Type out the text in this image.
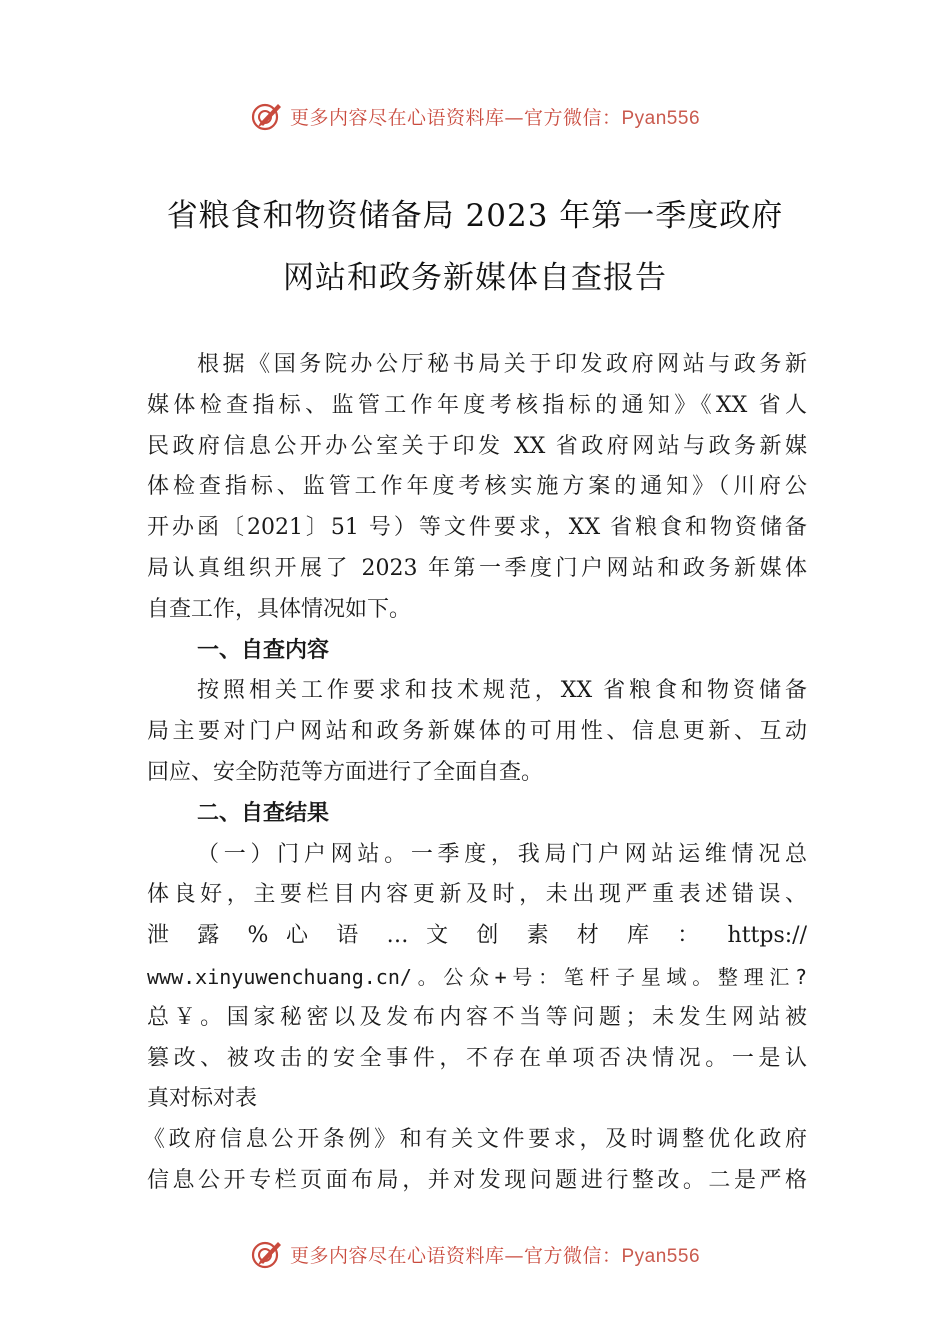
更多内容尽在心语资料库—官方微信：Pyan556
省粮食和物资储备局 2023 年第一季度政府
网站和政务新媒体自查报告
根据《国务院办公厅秘书局关于印发政府网站与政务新
媒体检查指标、监管工作年度考核指标的通知》《XX 省人
民政府信息公开办公室关于印发 XX 省政府网站与政务新媒
体检查指标、监管工作年度考核实施方案的通知》（川府公
开办函〔2021〕51 号）等文件要求，XX 省粮食和物资储备
局认真组织开展了 2023 年第一季度门户网站和政务新媒体
自查工作，具体情况如下。
一、自查内容
按照相关工作要求和技术规范，XX 省粮食和物资储备
局主要对门户网站和政务新媒体的可用性、信息更新、互动
回应、安全防范等方面进行了全面自查。
二、自查结果
（一）门户网站。一季度，我局门户网站运维情况总
体良好，主要栏目内容更新及时，未出现严重表述错误、
泄 露 % 心 语 … 文 创 素 材 库 ： https://
www.xinyuwenchuang.cn/。公众+号：笔杆子星域。整理汇?
总￥。国家秘密以及发布内容不当等问题；未发生网站被
篡改、被攻击的安全事件，不存在单项否决情况。一是认
真对标对表
《政府信息公开条例》和有关文件要求，及时调整优化政府
信息公开专栏页面布局，并对发现问题进行整改。二是严格
更多内容尽在心语资料库—官方微信：Pyan556
